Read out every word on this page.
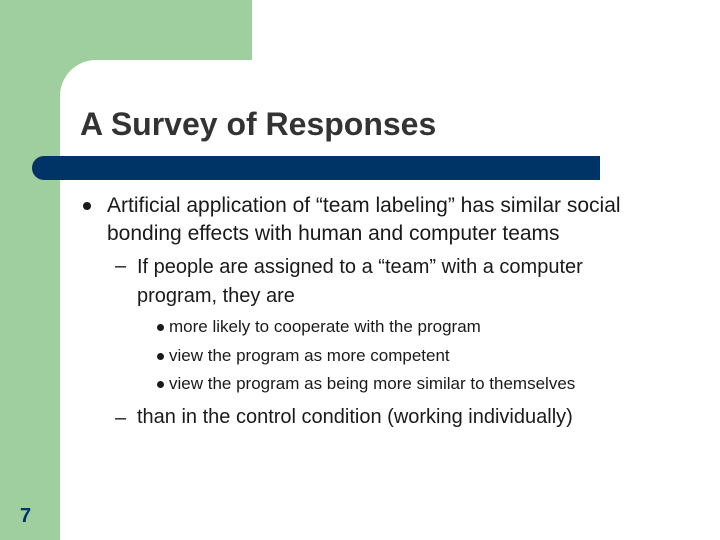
A Survey of Responses
Artificial application of “team labeling” has similar social
bonding effects with human and computer teams
– If people are assigned to a “team” with a computer
program, they are
more likely to cooperate with the program
view the program as more competent
view the program as being more similar to themselves
– than in the control condition (working individually)
7
